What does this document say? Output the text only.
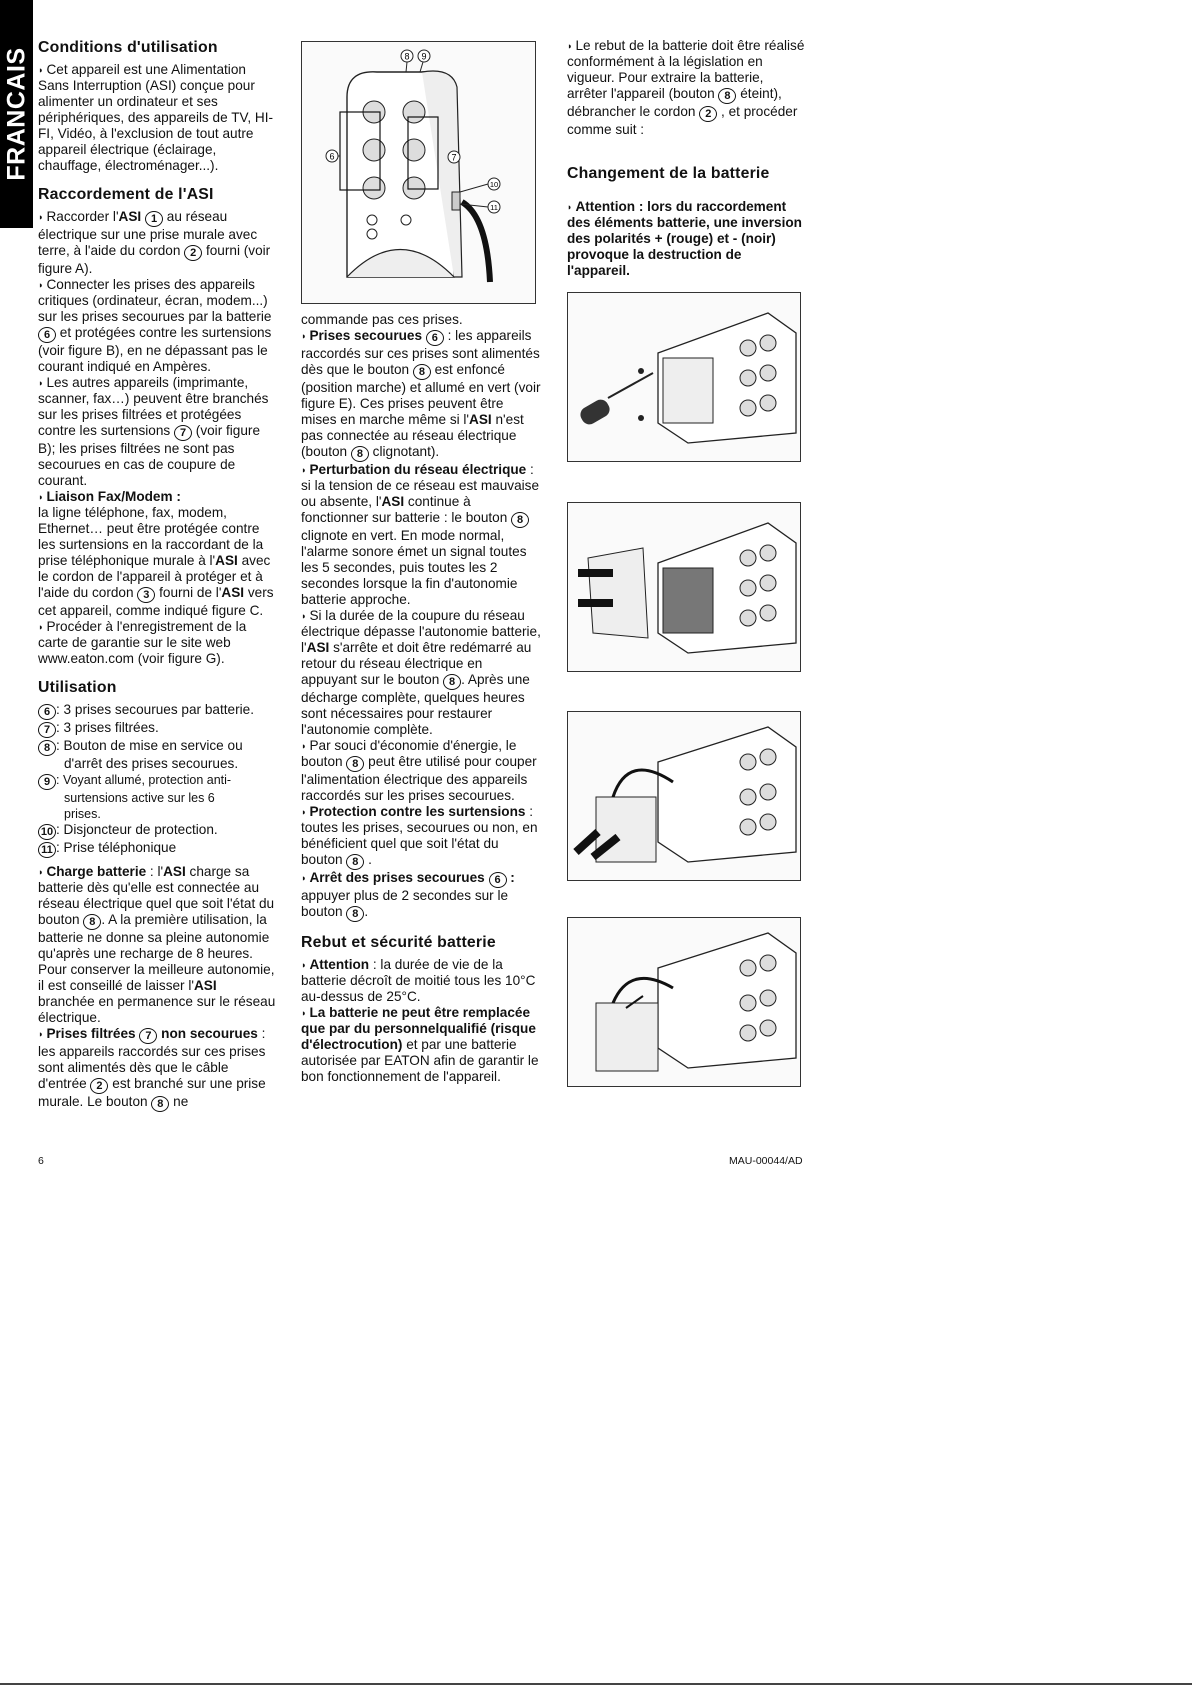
FRANCAIS Conditions d'utilisation

◗ Cet appareil est une Alimentation Sans Interruption (ASI) conçue pour alimenter un ordinateur et ses périphériques, des appareils de TV, HI-FI, Vidéo, à l'exclusion de tout autre appareil électrique (éclairage, chauffage, électroménager...).

Raccordement de l'ASI

◗ Raccorder l'ASI 1 au réseau électrique sur une prise murale avec terre, à l'aide du cordon 2 fourni (voir figure A).

◗ Connecter les prises des appareils critiques (ordinateur, écran, modem...) sur les prises secourues par la batterie 6 et protégées contre les surtensions (voir figure B), en ne dépassant pas le courant indiqué en Ampères.

◗ Les autres appareils (imprimante, scanner, fax…) peuvent être branchés sur les prises filtrées et protégées contre les surtensions 7 (voir figure B); les prises filtrées ne sont pas secourues en cas de coupure de courant.

◗ Liaison Fax/Modem :

la ligne téléphone, fax, modem, Ethernet… peut être protégée contre les surtensions en la raccordant de la prise téléphonique murale à l'ASI avec le cordon de l'appareil à protéger et à l'aide du cordon 3 fourni de l'ASI vers cet appareil, comme indiqué figure C.

◗ Procéder à l'enregistrement de la carte de garantie sur le site web www.eaton.com (voir figure G).

Utilisation

6 : 3 prises secourues par batterie.

7 : 3 prises filtrées.

8 : Bouton de mise en service ou
d'arrêt des prises secourues.

9 : Voyant allumé, protection anti-
surtensions active sur les 6
prises.

10 : Disjoncteur de protection.

11 : Prise téléphonique

◗ Charge batterie : l'ASI charge sa batterie dès qu'elle est connectée au réseau électrique quel que soit l'état du bouton 8 . A la première utilisation, la batterie ne donne sa pleine autonomie qu'après une recharge de 8 heures. Pour conserver la meilleure autonomie, il est conseillé de laisser l'ASI branchée en permanence sur le réseau électrique.

◗ Prises filtrées 7 non secourues : les appareils raccordés sur ces prises sont alimentés dès que le câble d'entrée 2 est branché sur une prise murale. Le bouton 8 ne

8 9
6	7
10
11

commande pas ces prises.

◗ Prises secourues 6 : les appareils raccordés sur ces prises sont alimentés dès que le bouton 8 est enfoncé (position marche) et allumé en vert (voir figure E). Ces prises peuvent être mises en marche même si l'ASI n'est pas connectée au réseau électrique (bouton 8 clignotant).

◗ Perturbation du réseau électrique : si la tension de ce réseau est mauvaise ou absente, l'ASI continue à fonctionner sur batterie : le bouton 8 clignote en vert. En mode normal, l'alarme sonore émet un signal toutes les 5 secondes, puis toutes les 2 secondes lorsque la fin d'autonomie batterie approche.

◗ Si la durée de la coupure du réseau électrique dépasse l'autonomie batterie, l'ASI s'arrête et doit être redémarré au retour du réseau électrique en appuyant sur le bouton 8 . Après une décharge complète, quelques heures sont nécessaires pour restaurer l'autonomie complète.

◗ Par souci d'économie d'énergie, le bouton 8 peut être utilisé pour couper l'alimentation électrique des appareils raccordés sur les prises secourues.

◗ Protection contre les surtensions : toutes les prises, secourues ou non, en bénéficient quel que soit l'état du bouton 8 .

◗ Arrêt des prises secourues 6 : appuyer plus de 2 secondes sur le bouton 8 .

Rebut et sécurité batterie

◗ Attention : la durée de vie de la batterie décroît de moitié tous les 10°C au-dessus de 25°C.

◗ La batterie ne peut être remplacée que par du personnelqualifié (risque d'électrocution) et par une batterie autorisée par EATON afin de garantir le bon fonctionnement de l'appareil.

◗ Le rebut de la batterie doit être réalisé conformément à la législation en vigueur. Pour extraire la batterie, arrêter l'appareil (bouton 8 éteint), débrancher le cordon 2 , et procéder comme suit :

Changement de la batterie

◗ Attention : lors du raccordement des éléments batterie, une inversion des polarités + (rouge) et - (noir) provoque la destruction de l'appareil.

6	MAU-00044/AD
